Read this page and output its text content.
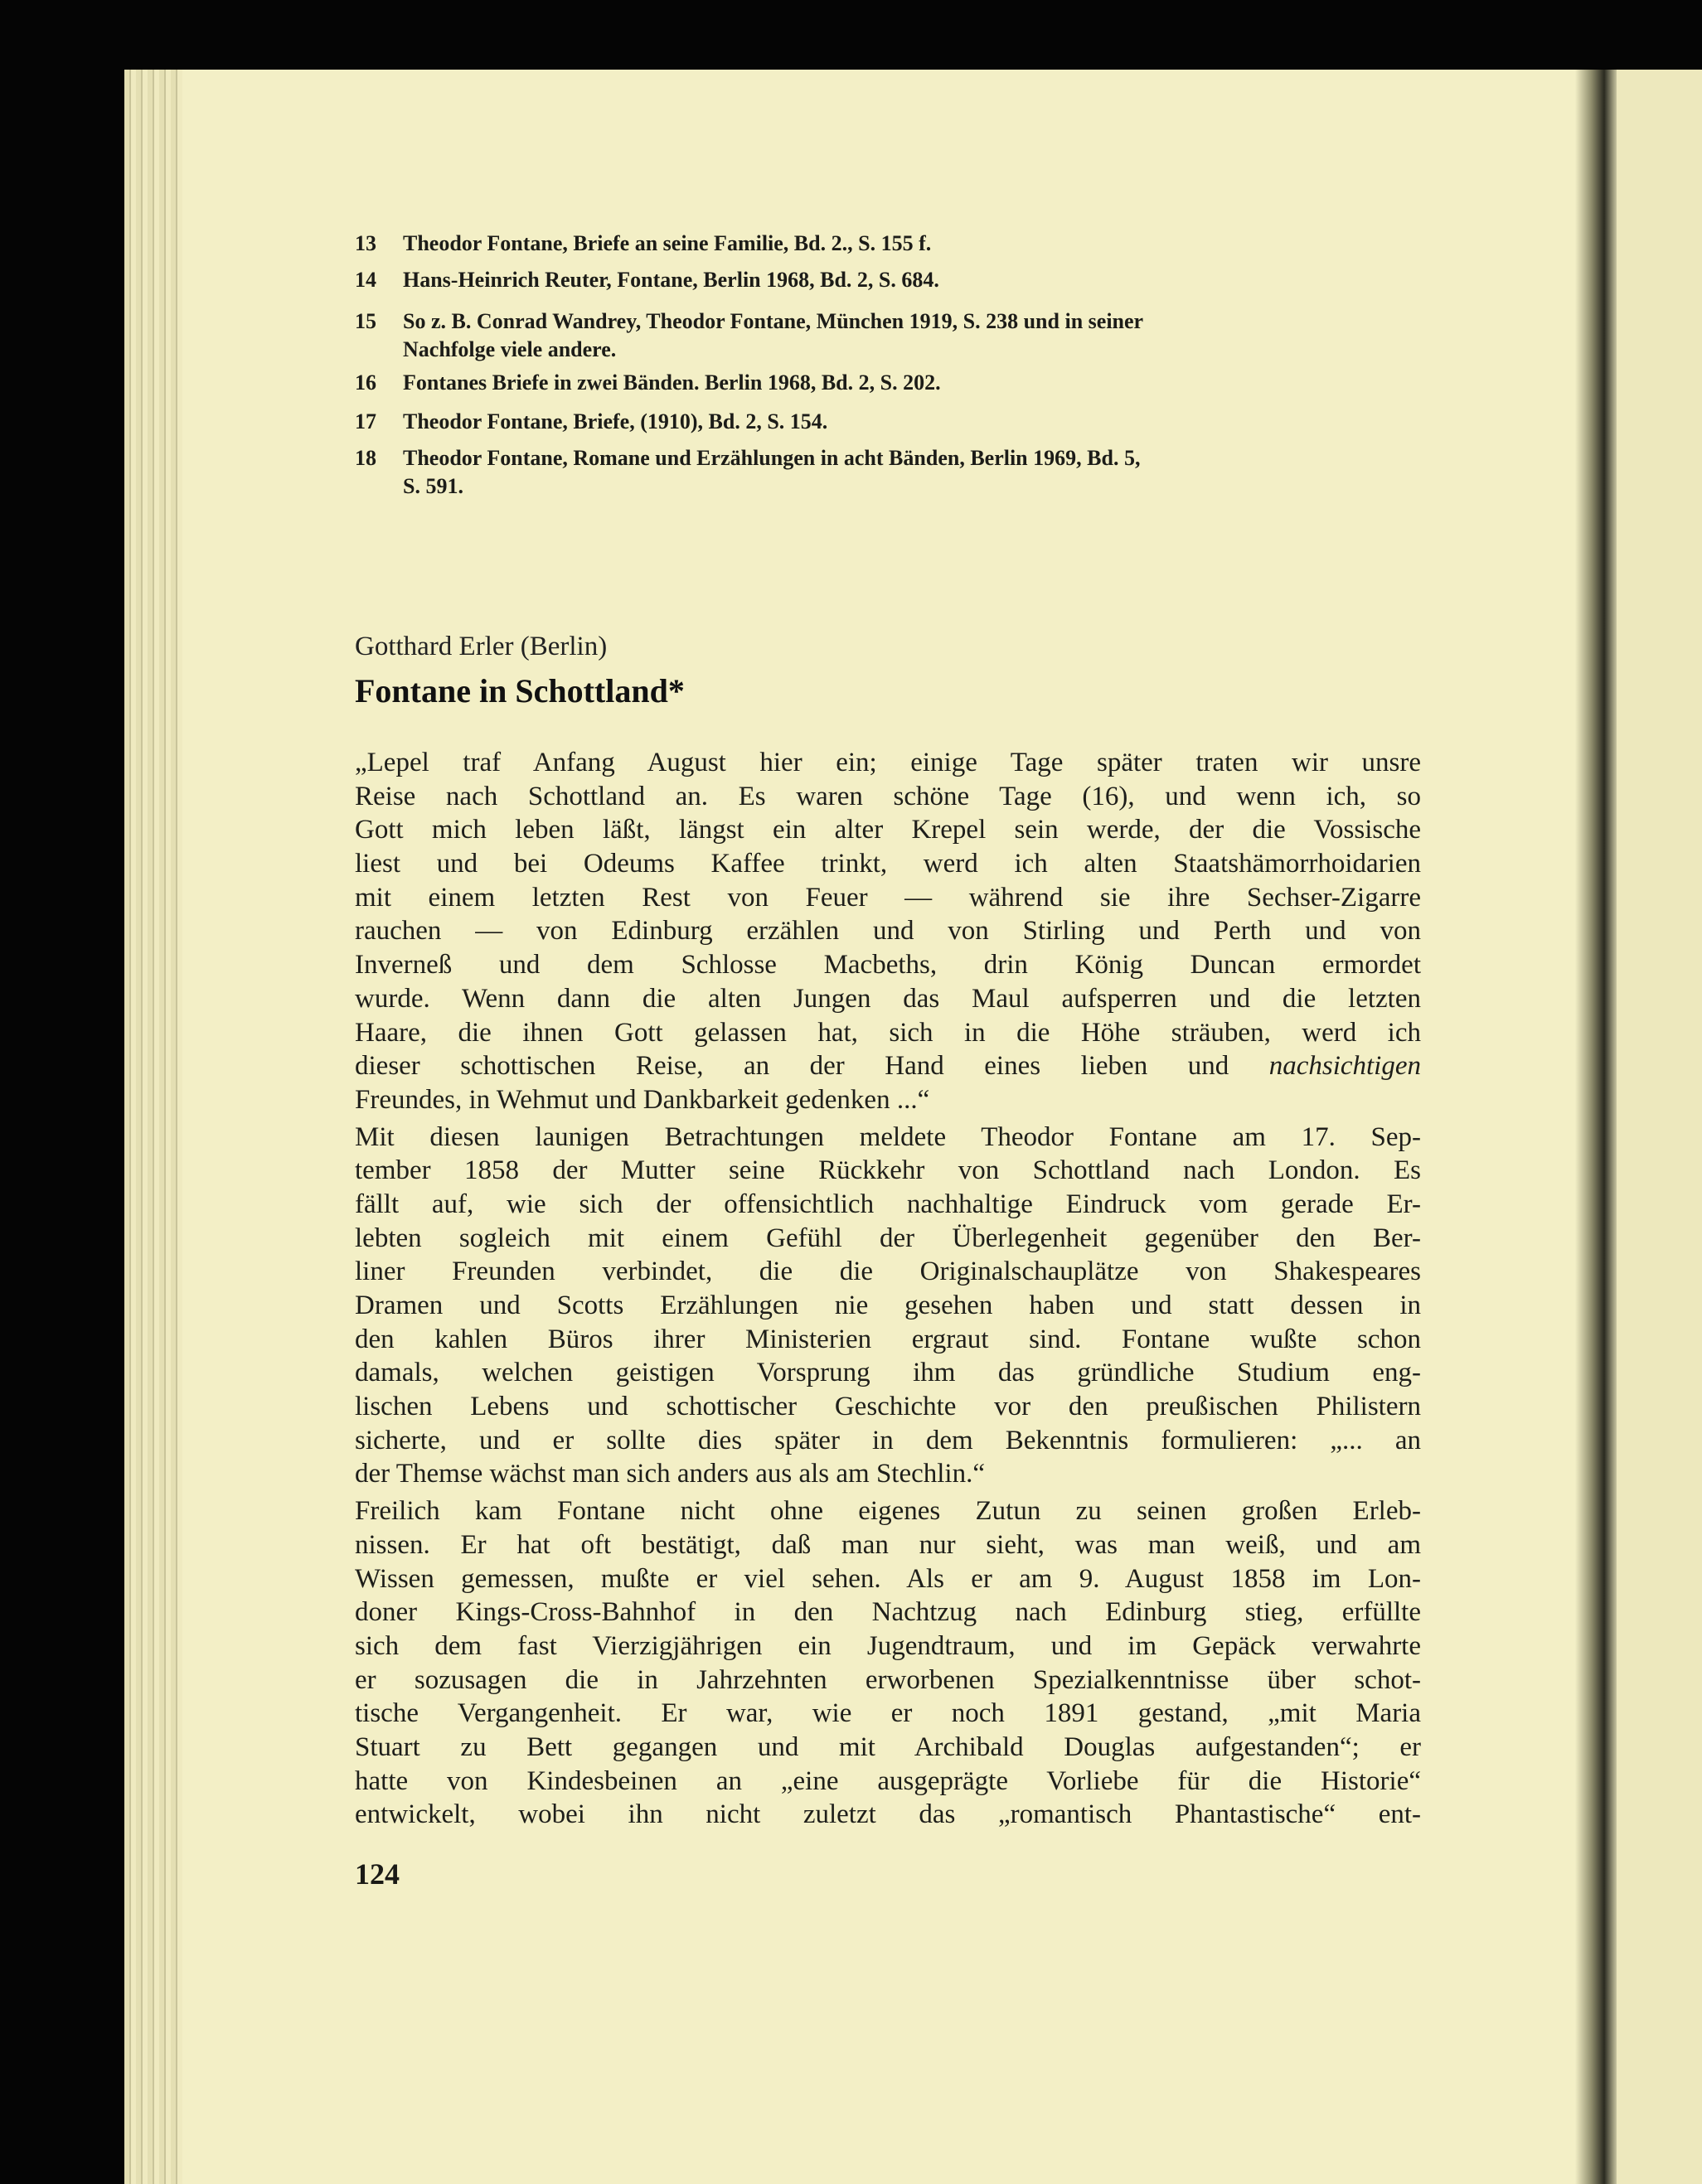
13 Theodor Fontane, Briefe an seine Familie, Bd. 2., S. 155 f.
14 Hans-Heinrich Reuter, Fontane, Berlin 1968, Bd. 2, S. 684.
15 So z. B. Conrad Wandrey, Theodor Fontane, München 1919, S. 238 und in seiner
Nachfolge viele andere.
16 Fontanes Briefe in zwei Bänden. Berlin 1968, Bd. 2, S. 202.
17 Theodor Fontane, Briefe, (1910), Bd. 2, S. 154.
18 Theodor Fontane, Romane und Erzählungen in acht Bänden, Berlin 1969, Bd. 5,
S. 591.
Gotthard Erler (Berlin)
Fontane in Schottland*
„Lepel traf Anfang August hier ein; einige Tage später traten wir unsre
Reise nach Schottland an. Es waren schöne Tage (16), und wenn ich, so
Gott mich leben läßt, längst ein alter Krepel sein werde, der die Vossische
liest und bei Odeums Kaffee trinkt, werd ich alten Staatshämorrhoidarien
mit einem letzten Rest von Feuer — während sie ihre Sechser-Zigarre
rauchen — von Edinburg erzählen und von Stirling und Perth und von
Inverneß und dem Schlosse Macbeths, drin König Duncan ermordet
wurde. Wenn dann die alten Jungen das Maul aufsperren und die letzten
Haare, die ihnen Gott gelassen hat, sich in die Höhe sträuben, werd ich
dieser schottischen Reise, an der Hand eines lieben und nachsichtigen
Freundes, in Wehmut und Dankbarkeit gedenken ...“
Mit diesen launigen Betrachtungen meldete Theodor Fontane am 17. Sep-
tember 1858 der Mutter seine Rückkehr von Schottland nach London. Es
fällt auf, wie sich der offensichtlich nachhaltige Eindruck vom gerade Er-
lebten sogleich mit einem Gefühl der Überlegenheit gegenüber den Ber-
liner Freunden verbindet, die die Originalschauplätze von Shakespeares
Dramen und Scotts Erzählungen nie gesehen haben und statt dessen in
den kahlen Büros ihrer Ministerien ergraut sind. Fontane wußte schon
damals, welchen geistigen Vorsprung ihm das gründliche Studium eng-
lischen Lebens und schottischer Geschichte vor den preußischen Philistern
sicherte, und er sollte dies später in dem Bekenntnis formulieren: „... an
der Themse wächst man sich anders aus als am Stechlin.“
Freilich kam Fontane nicht ohne eigenes Zutun zu seinen großen Erleb-
nissen. Er hat oft bestätigt, daß man nur sieht, was man weiß, und am
Wissen gemessen, mußte er viel sehen. Als er am 9. August 1858 im Lon-
doner Kings-Cross-Bahnhof in den Nachtzug nach Edinburg stieg, erfüllte
sich dem fast Vierzigjährigen ein Jugendtraum, und im Gepäck verwahrte
er sozusagen die in Jahrzehnten erworbenen Spezialkenntnisse über schot-
tische Vergangenheit. Er war, wie er noch 1891 gestand, „mit Maria
Stuart zu Bett gegangen und mit Archibald Douglas aufgestanden“; er
hatte von Kindesbeinen an „eine ausgeprägte Vorliebe für die Historie“
entwickelt, wobei ihn nicht zuletzt das „romantisch Phantastische“ ent-
124
